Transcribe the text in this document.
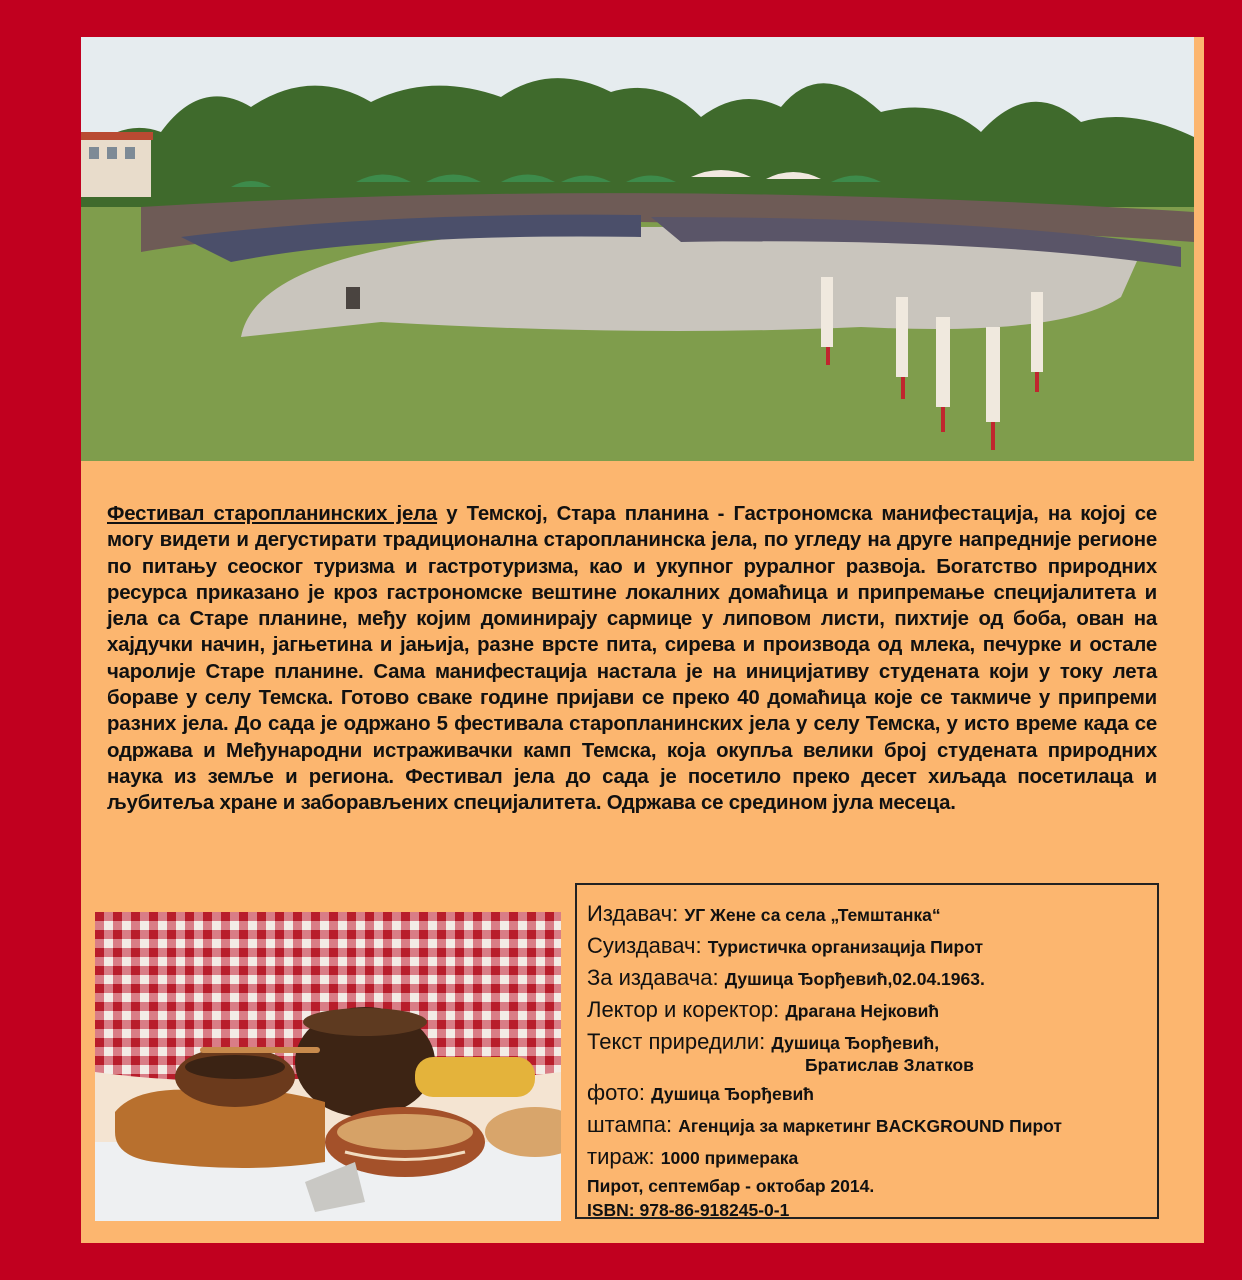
Фестивал старопланинских јела у Темској, Стара планина - Гастрономска манифестација, на којој се могу видети и дегустирати традиционална старопланинска јела, по угледу на друге напредније регионе по питању сеоског туризма и гастротуризма, као и укупног руралног развоја. Богатство природних ресурса приказано је кроз гастрономске вештине локалних домаћица и припремање специјалитета и јела са Старе планине, међу којим доминирају сармице у липовом листи, пихтије од боба, ован на хајдучки начин, јагњетина и јањија, разне врсте пита, сирева и производа од млека, печурке и остале чаролије Старе планине. Сама манифестација настала је на иницијативу студената који у току лета бораве у селу Темска. Готово сваке године пријави се преко 40 домаћица које се такмиче у припреми разних јела. До сада је одржано 5 фестивала старопланинских јела у селу Темска, у исто време када се одржава и Међународни истраживачки камп Темска, која окупља велики број студената природних наука из земље и региона. Фестивал јела до сада је посетило преко десет хиљада посетилаца и љубитеља хране и заборављених специјалитета. Одржава се средином јула месеца.

Издавач: УГ Жене са села „Темштанка“
Суиздавач: Туристичка организација Пирот
За издавача: Душица Ђорђевић,02.04.1963.
Лектор и коректор: Драгана Нејковић
Текст приредили: Душица Ђорђевић,
Братислав Златков
фото: Душица Ђорђевић
штампа: Агенција за маркетинг BACKGROUND Пирот
тираж: 1000 примерака
Пирот, септембар - октобар 2014.
ISBN: 978-86-918245-0-1
